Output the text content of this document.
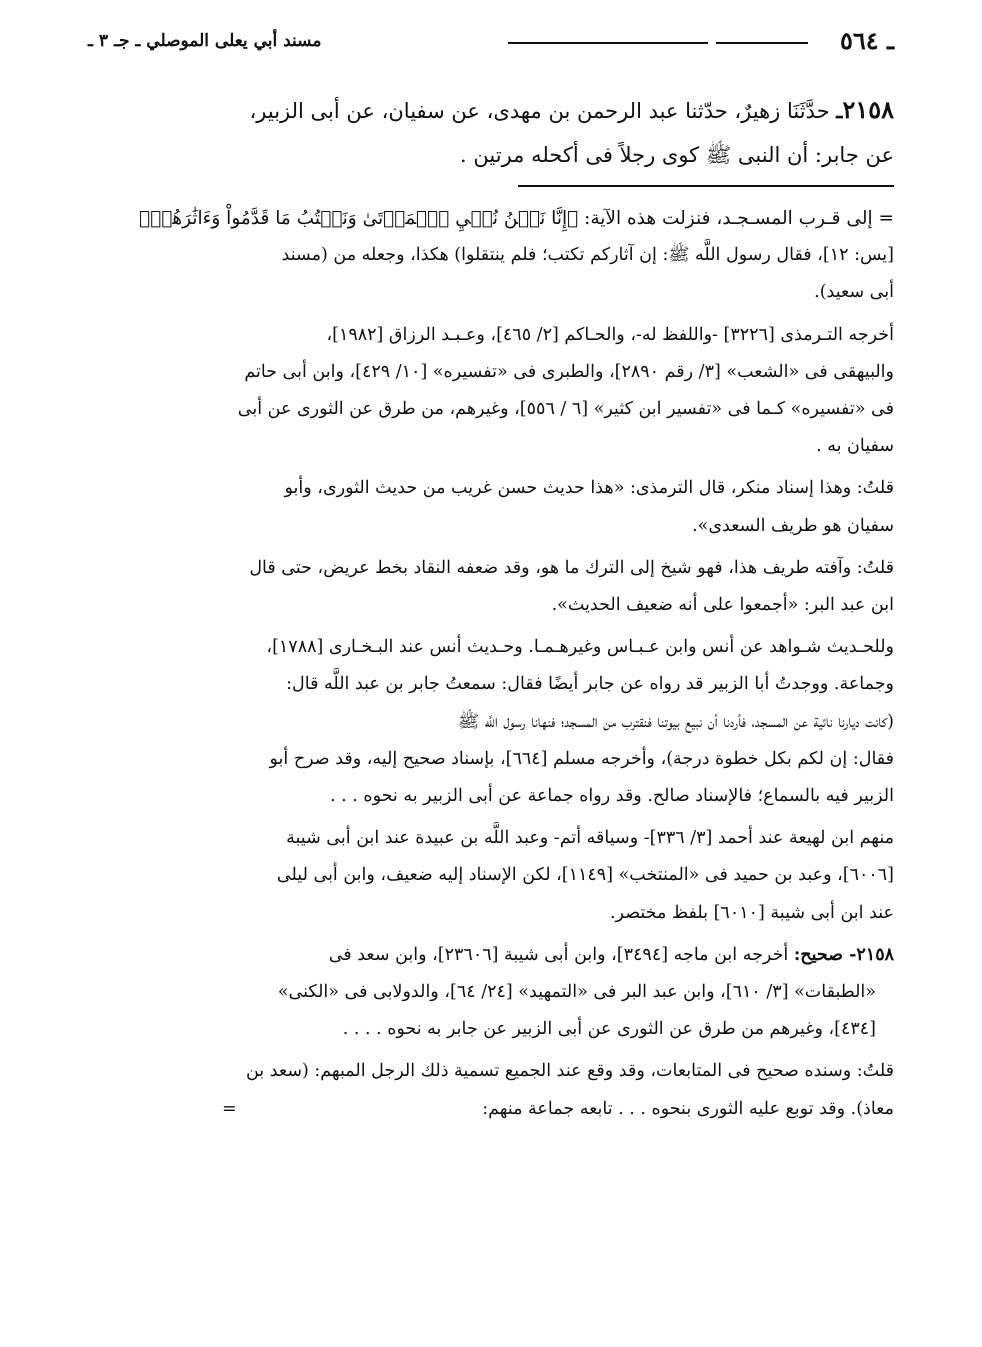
ـ ٥٦٤
مسند أبي يعلى الموصلي ـ جـ ٣ ـ
٢١٥٨ـ حدَّثَنَا زهيرٌ، حدّثنا عبد الرحمن بن مهدى، عن سفيان، عن أبى الزبير،
عن جابر: أن النبى ﷺ كوى رجلاً فى أكحله مرتين .
= إلى قـرب المسـجـد، فنزلت هذه الآية: ﴿إِنَّا نَحۡنُ نُحۡيِ ٱلۡمَوۡتَىٰ وَنَكۡتُبُ مَا قَدَّمُواْ وَءَاثَٰرَهُمۡ﴾
[يس: ١٢]، فقال رسول اللَّه ﷺ: إن آثاركم تكتب؛ فلم ينتقلوا) هكذا، وجعله من (مسند
أبى سعيد).
أخرجه التـرمذى [٣٢٢٦] -واللفظ له-، والحـاكم [٢/ ٤٦٥]، وعـبـد الرزاق [١٩٨٢]،
والبيهقى فى «الشعب» [٣/ رقم ٢٨٩٠]، والطبرى فى «تفسيره» [١٠/ ٤٢٩]، وابن أبى حاتم
فى «تفسيره» كـما فى «تفسير ابن كثير» [٦ / ٥٥٦]، وغيرهم، من طرق عن الثورى عن أبى
سفيان به .
قلتُ: وهذا إسناد منكر، قال الترمذى: «هذا حديث حسن غريب من حديث الثورى، وأبو
سفيان هو طريف السعدى».
قلتُ: وآفته طريف هذا، فهو شيخ إلى الترك ما هو، وقد ضعفه النقاد بخط عريض، حتى قال
ابن عبد البر: «أجمعوا على أنه ضعيف الحديث».
وللحـديث شـواهد عن أنس وابن عـبـاس وغيرهـمـا. وحـديث أنس عند البـخـارى [١٧٨٨]،
وجماعة. ووجدتُ أبا الزبير قد رواه عن جابر أيضًا فقال: سمعتُ جابر بن عبد اللَّه قال:
(كانت ديارنا نائية عن المسجد، فأردنا أن نبيع بيوتنا فنقترب من المسجد؛ فنهانا رسول اللَّه ﷺ
فقال: إن لكم بكل خطوة درجة)، وأخرجه مسلم [٦٦٤]، بإسناد صحيح إليه، وقد صرح أبو
الزبير فيه بالسماع؛ فالإسناد صالح. وقد رواه جماعة عن أبى الزبير به نحوه . . .
منهم ابن لهيعة عند أحمد [٣/ ٣٣٦]- وسياقه أتم- وعبد اللَّه بن عبيدة عند ابن أبى شيبة
[٦٠٠٦]، وعبد بن حميد فى «المنتخب» [١١٤٩]، لكن الإسناد إليه ضعيف، وابن أبى ليلى
عند ابن أبى شيبة [٦٠١٠] بلفظ مختصر.
٢١٥٨- صحيح: أخرجه ابن ماجه [٣٤٩٤]، وابن أبى شيبة [٢٣٦٠٦]، وابن سعد فى
«الطبقات» [٣/ ٦١٠]، وابن عبد البر فى «التمهيد» [٢٤/ ٦٤]، والدولابى فى «الكنى»
[٤٣٤]، وغيرهم من طرق عن الثورى عن أبى الزبير عن جابر به نحوه . . . .
قلتُ: وسنده صحيح فى المتابعات، وقد وقع عند الجميع تسمية ذلك الرجل المبهم: (سعد بن
معاذ). وقد توبع عليه الثورى بنحوه . . . تابعه جماعة منهم:
=
